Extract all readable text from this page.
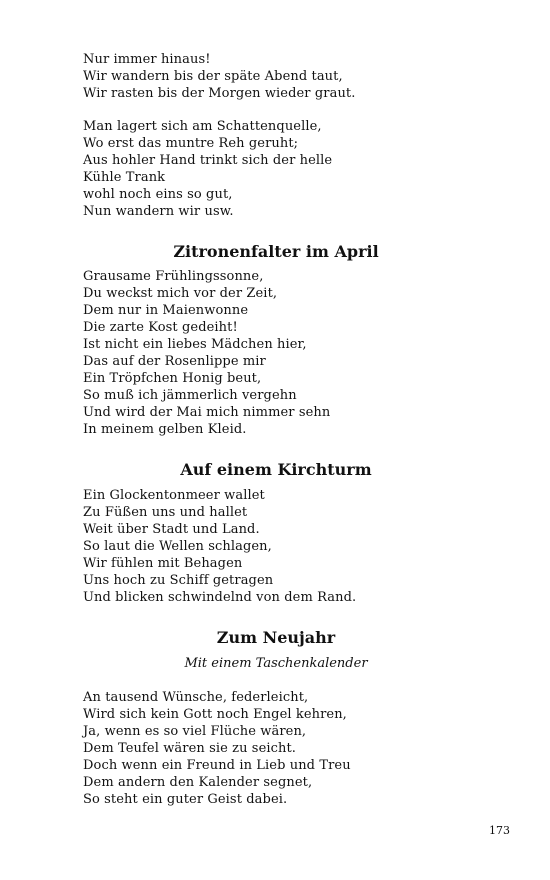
Nur immer hinaus!
Wir wandern bis der späte Abend taut,
Wir rasten bis der Morgen wieder graut.
Man lagert sich am Schattenquelle,
Wo erst das muntre Reh geruht;
Aus hohler Hand trinkt sich der helle
Kühle Trank
wohl noch eins so gut,
Nun wandern wir usw.
Zitronenfalter im April
Grausame Frühlingssonne,
Du weckst mich vor der Zeit,
Dem nur in Maienwonne
Die zarte Kost gedeiht!
Ist nicht ein liebes Mädchen hier,
Das auf der Rosenlippe mir
Ein Tröpfchen Honig beut,
So muß ich jämmerlich vergehn
Und wird der Mai mich nimmer sehn
In meinem gelben Kleid.
Auf einem Kirchturm
Ein Glockentonmeer wallet
Zu Füßen uns und hallet
Weit über Stadt und Land.
So laut die Wellen schlagen,
Wir fühlen mit Behagen
Uns hoch zu Schiff getragen
Und blicken schwindelnd von dem Rand.
Zum Neujahr
Mit einem Taschenkalender
An tausend Wünsche, federleicht,
Wird sich kein Gott noch Engel kehren,
Ja, wenn es so viel Flüche wären,
Dem Teufel wären sie zu seicht.
Doch wenn ein Freund in Lieb und Treu
Dem andern den Kalender segnet,
So steht ein guter Geist dabei.
173
